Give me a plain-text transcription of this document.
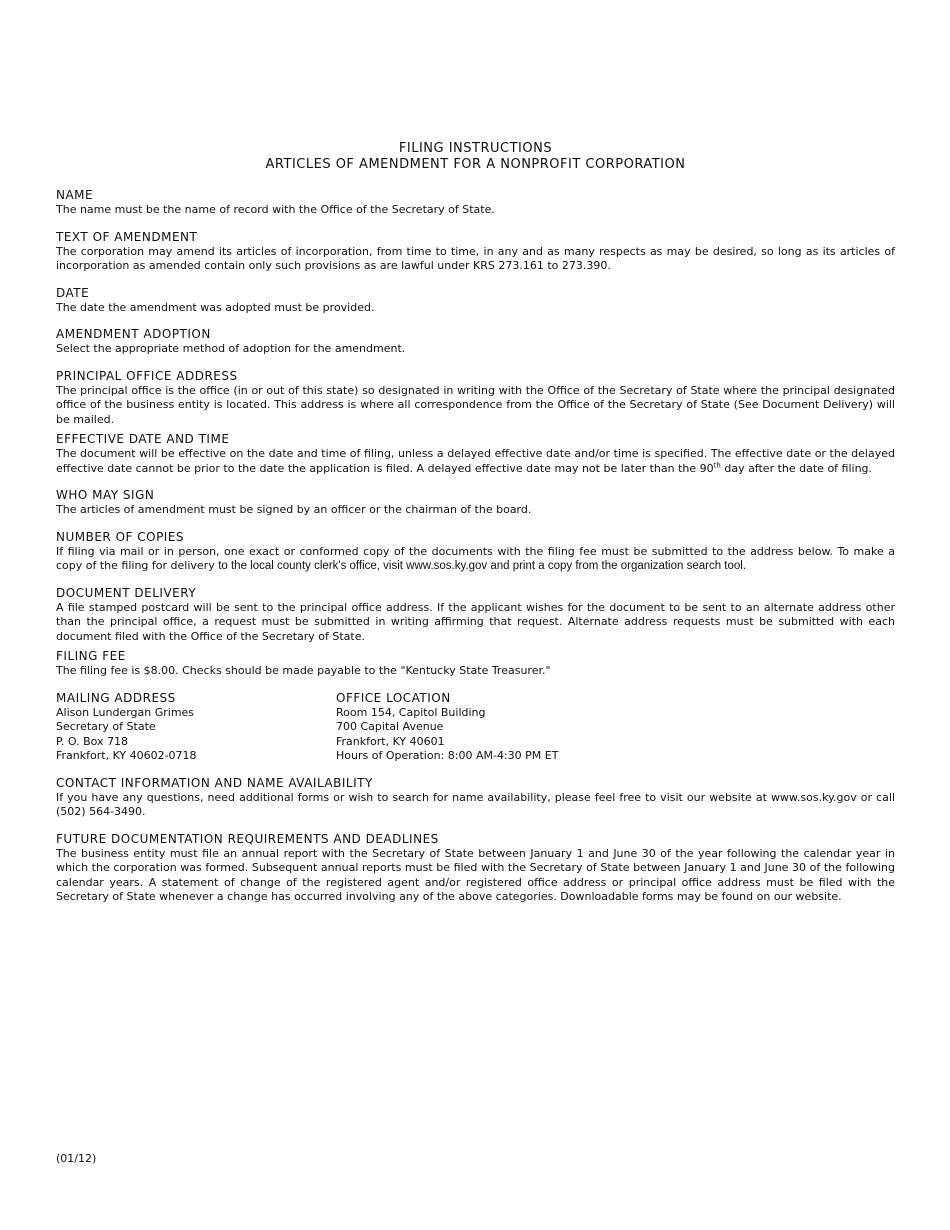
FILING INSTRUCTIONS
ARTICLES OF AMENDMENT FOR A NONPROFIT CORPORATION
NAME
The name must be the name of record with the Office of the Secretary of State.
TEXT OF AMENDMENT
The corporation may amend its articles of incorporation, from time to time, in any and as many respects as may be desired, so long as its articles of incorporation as amended contain only such provisions as are lawful under KRS 273.161 to 273.390.
DATE
The date the amendment was adopted must be provided.
AMENDMENT ADOPTION
Select the appropriate method of adoption for the amendment.
PRINCIPAL OFFICE ADDRESS
The principal office is the office (in or out of this state) so designated in writing with the Office of the Secretary of State where the principal designated office of the business entity is located. This address is where all correspondence from the Office of the Secretary of State (See Document Delivery) will be mailed.
EFFECTIVE DATE AND TIME
The document will be effective on the date and time of filing, unless a delayed effective date and/or time is specified. The effective date or the delayed effective date cannot be prior to the date the application is filed. A delayed effective date may not be later than the 90th day after the date of filing.
WHO MAY SIGN
The articles of amendment must be signed by an officer or the chairman of the board.
NUMBER OF COPIES
If filing via mail or in person, one exact or conformed copy of the documents with the filing fee must be submitted to the address below. To make a copy of the filing for delivery to the local county clerk's office, visit www.sos.ky.gov and print a copy from the organization search tool.
DOCUMENT DELIVERY
A file stamped postcard will be sent to the principal office address. If the applicant wishes for the document to be sent to an alternate address other than the principal office, a request must be submitted in writing affirming that request. Alternate address requests must be submitted with each document filed with the Office of the Secretary of State.
FILING FEE
The filing fee is $8.00. Checks should be made payable to the "Kentucky State Treasurer."
MAILING ADDRESS
Alison Lundergan Grimes
Secretary of State
P. O. Box 718
Frankfort, KY 40602-0718
OFFICE LOCATION
Room 154, Capitol Building
700 Capital Avenue
Frankfort, KY 40601
Hours of Operation: 8:00 AM-4:30 PM ET
CONTACT INFORMATION AND NAME AVAILABILITY
If you have any questions, need additional forms or wish to search for name availability, please feel free to visit our website at www.sos.ky.gov or call (502) 564-3490.
FUTURE DOCUMENTATION REQUIREMENTS AND DEADLINES
The business entity must file an annual report with the Secretary of State between January 1 and June 30 of the year following the calendar year in which the corporation was formed. Subsequent annual reports must be filed with the Secretary of State between January 1 and June 30 of the following calendar years. A statement of change of the registered agent and/or registered office address or principal office address must be filed with the Secretary of State whenever a change has occurred involving any of the above categories. Downloadable forms may be found on our website.
(01/12)
